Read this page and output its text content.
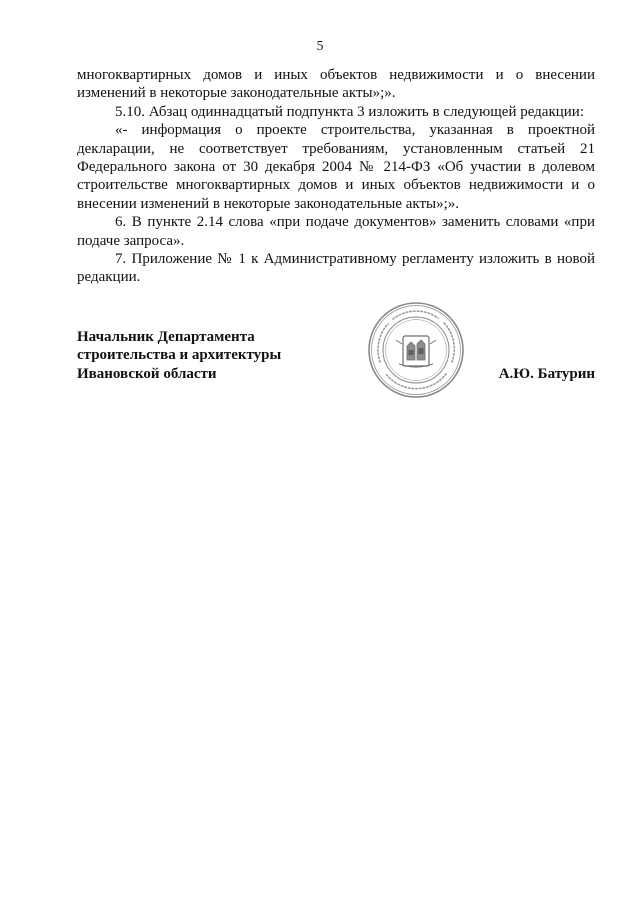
5

многоквартирных домов и иных объектов недвижимости и о внесении изменений в некоторые законодательные акты»;».

5.10. Абзац одиннадцатый подпункта 3 изложить в следующей редакции:

«- информация о проекте строительства, указанная в проектной декларации, не соответствует требованиям, установленным статьей 21 Федерального закона от 30 декабря 2004 № 214-ФЗ «Об участии в долевом строительстве многоквартирных домов и иных объектов недвижимости и о внесении изменений в некоторые законодательные акты»;».

6. В пункте 2.14 слова «при подаче документов» заменить словами «при подаче запроса».

7. Приложение № 1 к Административному регламенту изложить в новой редакции.

Начальник Департамента
строительства и архитектуры
Ивановской области	А.Ю. Батурин
